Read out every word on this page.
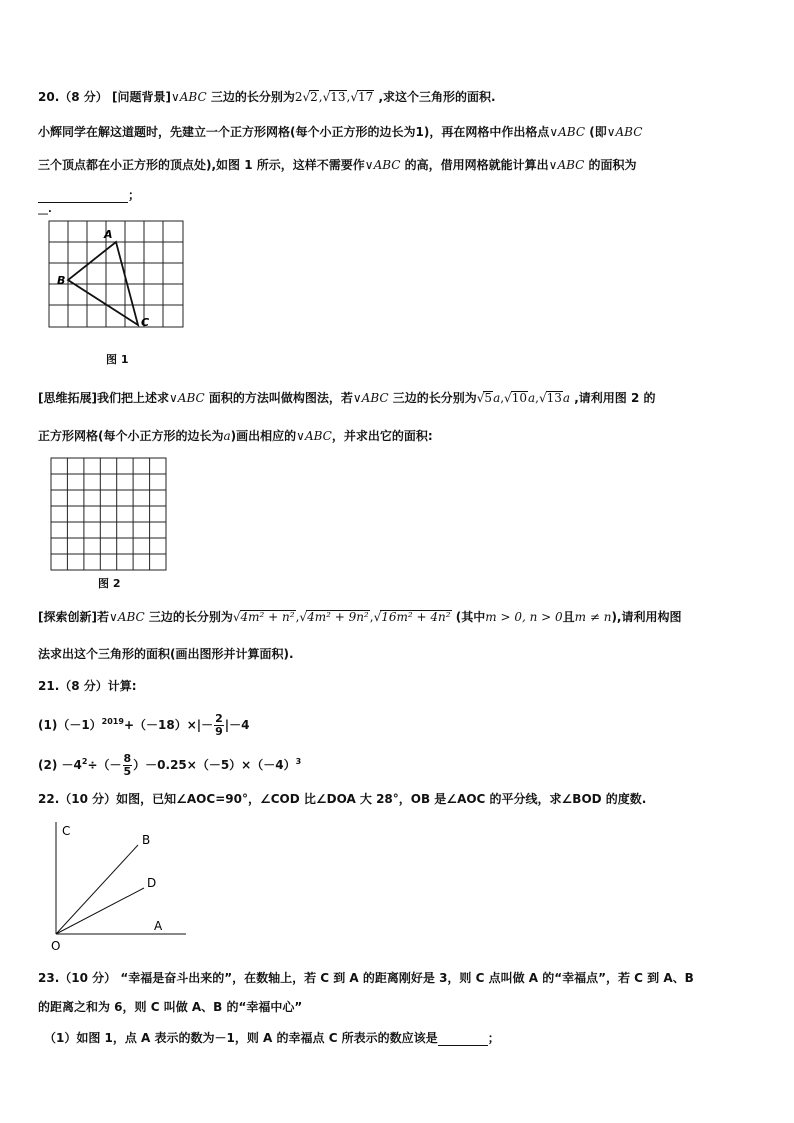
20.（8 分） [问题背景]∨ABC 三边的长分别为2√2,√13,√17 ,求这个三角形的面积.
小辉同学在解这道题时，先建立一个正方形网格(每个小正方形的边长为1)，再在网格中作出格点∨ABC (即∨ABC
三个顶点都在小正方形的顶点处),如图 1 所示，这样不需要作∨ABC 的高，借用网格就能计算出∨ABC 的面积为
；
__.
A
B
C
图 1
[思维拓展]我们把上述求∨ABC 面积的方法叫做构图法，若∨ABC 三边的长分别为√5a,√10a,√13a ,请利用图 2 的
正方形网格(每个小正方形的边长为a)画出相应的∨ABC，并求出它的面积:
图 2
[探索创新]若∨ABC 三边的长分别为√4m² + n²,√4m² + 9n²,√16m² + 4n² (其中m > 0, n > 0且m ≠ n),请利用构图
法求出这个三角形的面积(画出图形并计算面积).
21.（8 分）计算:
$(1)(-1)^{2019}+(-18)\times|- \frac{2}{9} |-4$
$(2) -4^2\div(- \frac{8}{5} )-0.25\times(-5)\times(-4)^3$
22.（10 分）如图，已知∠AOC=90°，∠COD 比∠DOA 大 28°，OB 是∠AOC 的平分线，求∠BOD 的度数.
C
B
D
A
O
23.（10 分） “幸福是奋斗出来的”，在数轴上，若 C 到 A 的距离刚好是 3，则 C 点叫做 A 的“幸福点”，若 C 到 A、B
的距离之和为 6，则 C 叫做 A、B 的“幸福中心”
（1）如图 1，点 A 表示的数为－1，则 A 的幸福点 C 所表示的数应该是	；
